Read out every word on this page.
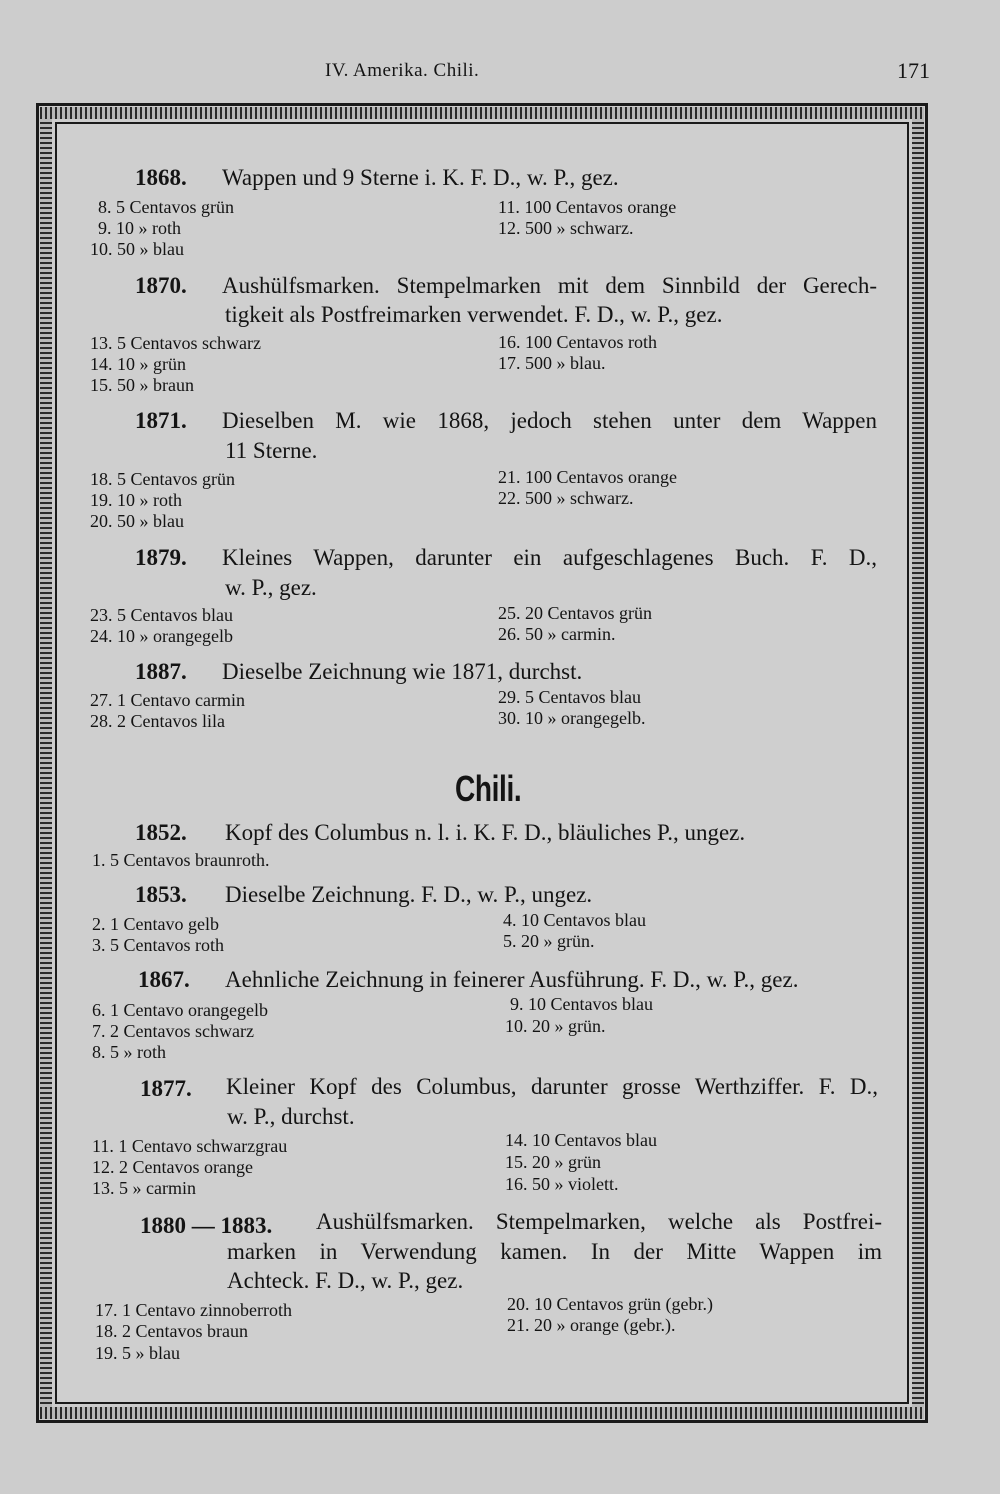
IV. Amerika. Chili.	171
1868. Wappen und 9 Sterne i. K. F. D., w. P., gez.
8. 5 Centavos grün
9. 10 » roth
10. 50 » blau
11. 100 Centavos orange
12. 500 » schwarz.
1870. Aushülfsmarken. Stempelmarken mit dem Sinnbild der Gerech-
tigkeit als Postfreimarken verwendet. F. D., w. P., gez.
13. 5 Centavos schwarz
14. 10 » grün
15. 50 » braun
16. 100 Centavos roth
17. 500 » blau.
1871. Dieselben M. wie 1868, jedoch stehen unter dem Wappen
11 Sterne.
18. 5 Centavos grün
19. 10 » roth
20. 50 » blau
21. 100 Centavos orange
22. 500 » schwarz.
1879. Kleines Wappen, darunter ein aufgeschlagenes Buch. F. D.,
w. P., gez.
23. 5 Centavos blau
24. 10 » orangegelb
25. 20 Centavos grün
26. 50 » carmin.
1887. Dieselbe Zeichnung wie 1871, durchst.
27. 1 Centavo carmin
28. 2 Centavos lila
29. 5 Centavos blau
30. 10 » orangegelb.
Chili.
1852. Kopf des Columbus n. l. i. K. F. D., bläuliches P., ungez.
1. 5 Centavos braunroth.
1853. Dieselbe Zeichnung. F. D., w. P., ungez.
2. 1 Centavo gelb
3. 5 Centavos roth
4. 10 Centavos blau
5. 20 » grün.
1867. Aehnliche Zeichnung in feinerer Ausführung. F. D., w. P., gez.
6. 1 Centavo orangegelb
7. 2 Centavos schwarz
8. 5 » roth
9. 10 Centavos blau
10. 20 » grün.
1877. Kleiner Kopf des Columbus, darunter grosse Werthziffer. F. D.,
w. P., durchst.
11. 1 Centavo schwarzgrau
12. 2 Centavos orange
13. 5 » carmin
14. 10 Centavos blau
15. 20 » grün
16. 50 » violett.
1880 — 1883. Aushülfsmarken. Stempelmarken, welche als Postfrei-
marken in Verwendung kamen. In der Mitte Wappen im
Achteck. F. D., w. P., gez.
17. 1 Centavo zinnoberroth
18. 2 Centavos braun
19. 5 » blau
20. 10 Centavos grün (gebr.)
21. 20 » orange (gebr.).
